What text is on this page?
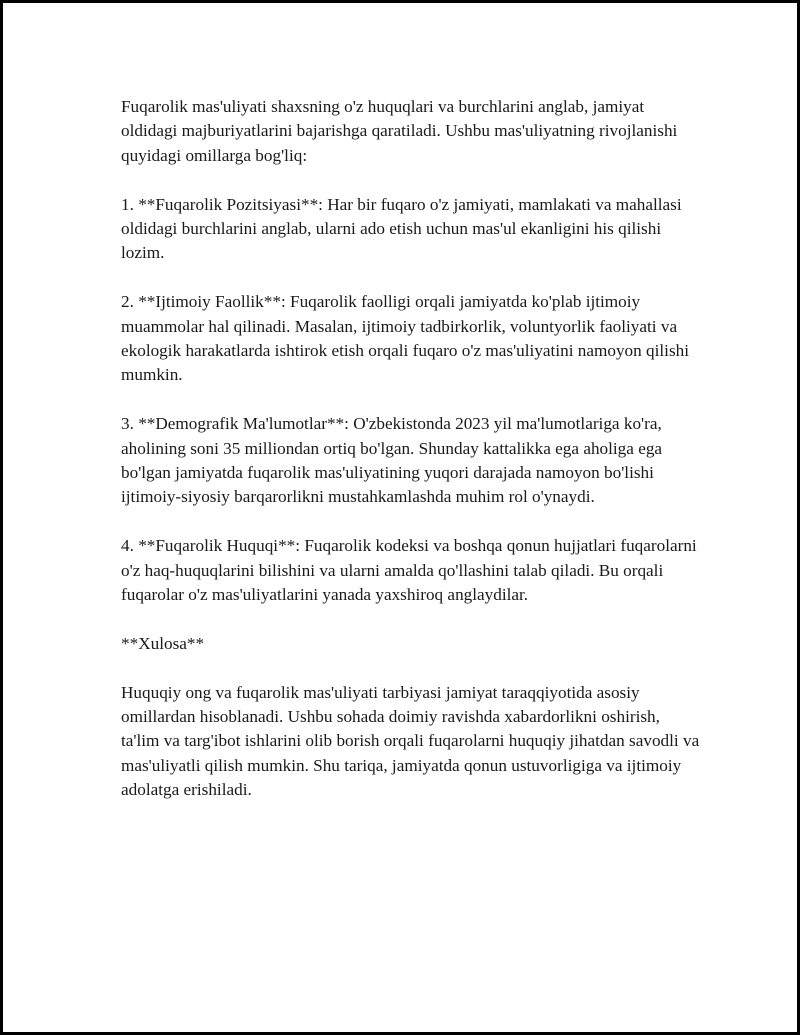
Fuqarolik mas'uliyati shaxsning o'z huquqlari va burchlarini anglab, jamiyat oldidagi majburiyatlarini bajarishga qaratiladi. Ushbu mas'uliyatning rivojlanishi quyidagi omillarga bog'liq:

1. **Fuqarolik Pozitsiyasi**: Har bir fuqaro o'z jamiyati, mamlakati va mahallasi oldidagi burchlarini anglab, ularni ado etish uchun mas'ul ekanligini his qilishi lozim.

2. **Ijtimoiy Faollik**: Fuqarolik faolligi orqali jamiyatda ko'plab ijtimoiy muammolar hal qilinadi. Masalan, ijtimoiy tadbirkorlik, voluntyorlik faoliyati va ekologik harakatlarda ishtirok etish orqali fuqaro o'z mas'uliyatini namoyon qilishi mumkin.

3. **Demografik Ma'lumotlar**: O'zbekistonda 2023 yil ma'lumotlariga ko'ra, aholining soni 35 milliondan ortiq bo'lgan. Shunday kattalikka ega aholiga ega bo'lgan jamiyatda fuqarolik mas'uliyatining yuqori darajada namoyon bo'lishi ijtimoiy-siyosiy barqarorlikni mustahkamlashda muhim rol o'ynaydi.

4. **Fuqarolik Huquqi**: Fuqarolik kodeksi va boshqa qonun hujjatlari fuqarolarni o'z haq-huquqlarini bilishini va ularni amalda qo'llashini talab qiladi. Bu orqali fuqarolar o'z mas'uliyatlarini yanada yaxshiroq anglaydilar.

**Xulosa**

Huquqiy ong va fuqarolik mas'uliyati tarbiyasi jamiyat taraqqiyotida asosiy omillardan hisoblanadi. Ushbu sohada doimiy ravishda xabardorlikni oshirish, ta'lim va targ'ibot ishlarini olib borish orqali fuqarolarni huquqiy jihatdan savodli va mas'uliyatli qilish mumkin. Shu tariqa, jamiyatda qonun ustuvorligiga va ijtimoiy adolatga erishiladi.
